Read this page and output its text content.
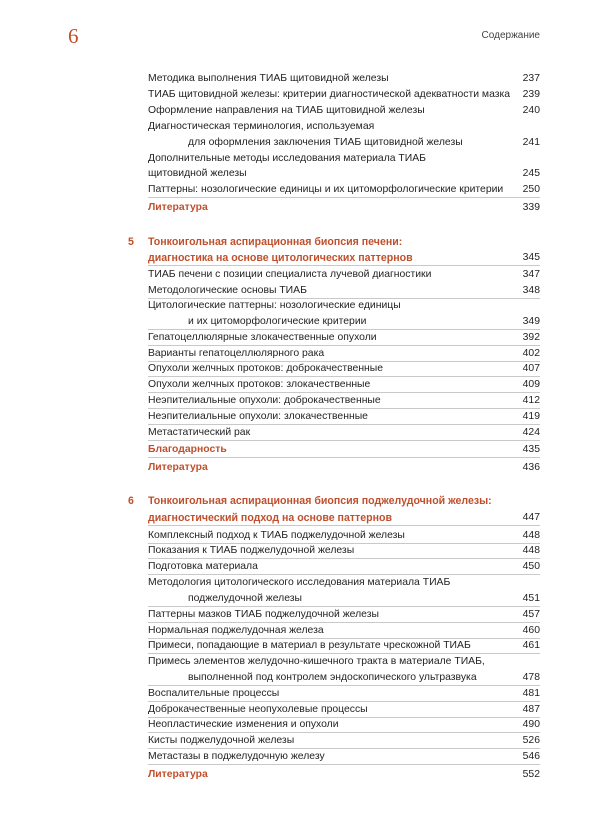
6	Содержание
Методика выполнения ТИАБ щитовидной железы	237
ТИАБ щитовидной железы: критерии диагностической адекватности мазка 239
Оформление направления на ТИАБ щитовидной железы	240
Диагностическая терминология, используемая
для оформления заключения ТИАБ щитовидной железы	241
Дополнительные методы исследования материала ТИАБ
щитовидной железы	245
Паттерны: нозологические единицы и их цитоморфологические критерии 250
Литература	339
5 Тонкоигольная аспирационная биопсия печени:
диагностика на основе цитологических паттернов	345
ТИАБ печени с позиции специалиста лучевой диагностики	347
Методологические основы ТИАБ	348
Цитологические паттерны: нозологические единицы
и их цитоморфологические критерии	349
Гепатоцеллюлярные злокачественные опухоли	392
Варианты гепатоцеллюлярного рака	402
Опухоли желчных протоков: доброкачественные	407
Опухоли желчных протоков: злокачественные	409
Неэпителиальные опухоли: доброкачественные	412
Неэпителиальные опухоли: злокачественные	419
Метастатический рак	424
Благодарность	435
Литература	436
6 Тонкоигольная аспирационная биопсия поджелудочной железы:
диагностический подход на основе паттернов	447
Комплексный подход к ТИАБ поджелудочной железы	448
Показания к ТИАБ поджелудочной железы	448
Подготовка материала	450
Методология цитологического исследования материала ТИАБ
поджелудочной железы	451
Паттерны мазков ТИАБ поджелудочной железы	457
Нормальная поджелудочная железа	460
Примеси, попадающие в материал в результате чрескожной ТИАБ	461
Примесь элементов желудочно-кишечного тракта в материале ТИАБ,
выполненной под контролем эндоскопического ультразвука	478
Воспалительные процессы	481
Доброкачественные неопухолевые процессы	487
Неопластические изменения и опухоли	490
Кисты поджелудочной железы	526
Метастазы в поджелудочную железу	546
Литература	552
